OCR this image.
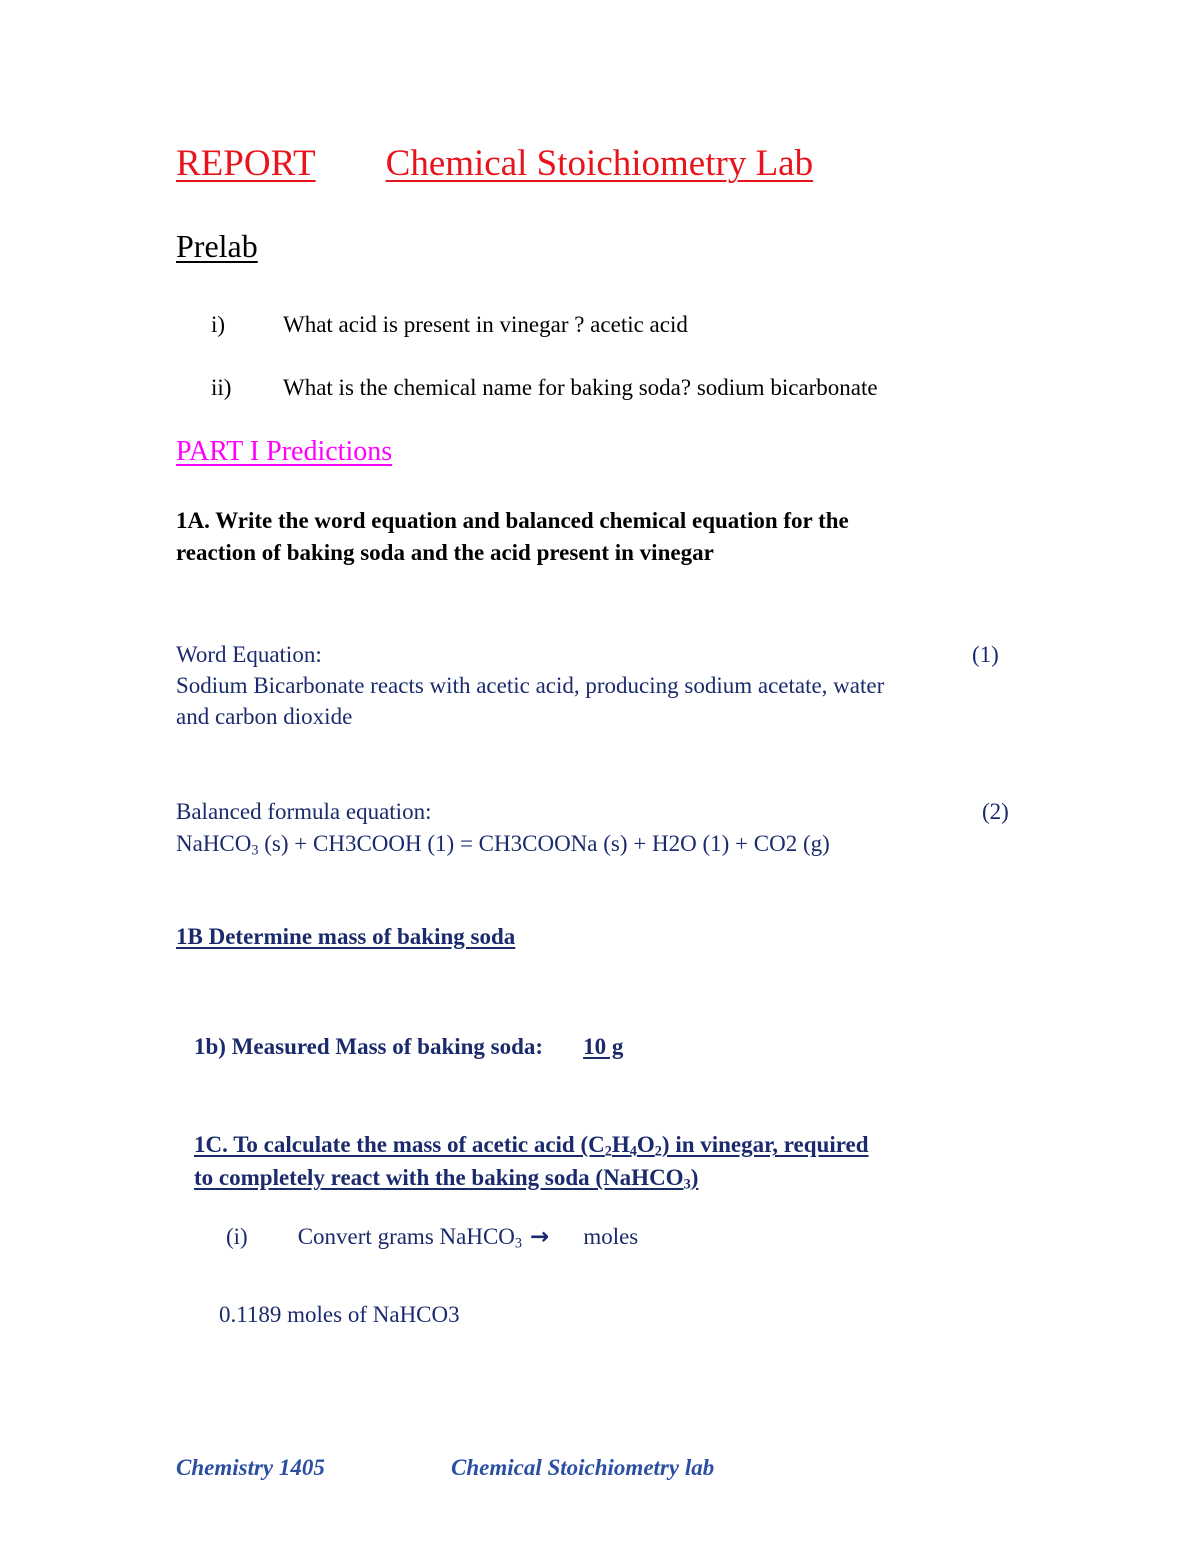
REPORT Chemical Stoichiometry Lab
Prelab
i)	What acid is present in vinegar ? acetic acid
ii) What is the chemical name for baking soda? sodium bicarbonate
PART I Predictions
1A. Write the word equation and balanced chemical equation for the
reaction of baking soda and the acid present in vinegar
Word Equation:	(1)
Sodium Bicarbonate reacts with acetic acid, producing sodium acetate, water
and carbon dioxide
Balanced formula equation:	(2)
NaHCO$_3$ (s) + CH3COOH (1) = CH3COONa (s) + H2O (1) + CO2 (g)
1B Determine mass of baking soda
1b) Measured Mass of baking soda: 10 g
1C. To calculate the mass of acetic acid $(C_2H_4O_2)$ in vinegar, required
to completely react with the baking soda (NaHCO$_3$)
(i) Convert grams NaHCO$_3$ → moles
0.1189 moles of NaHCO3
Chemistry 1405	Chemical Stoichiometry lab
